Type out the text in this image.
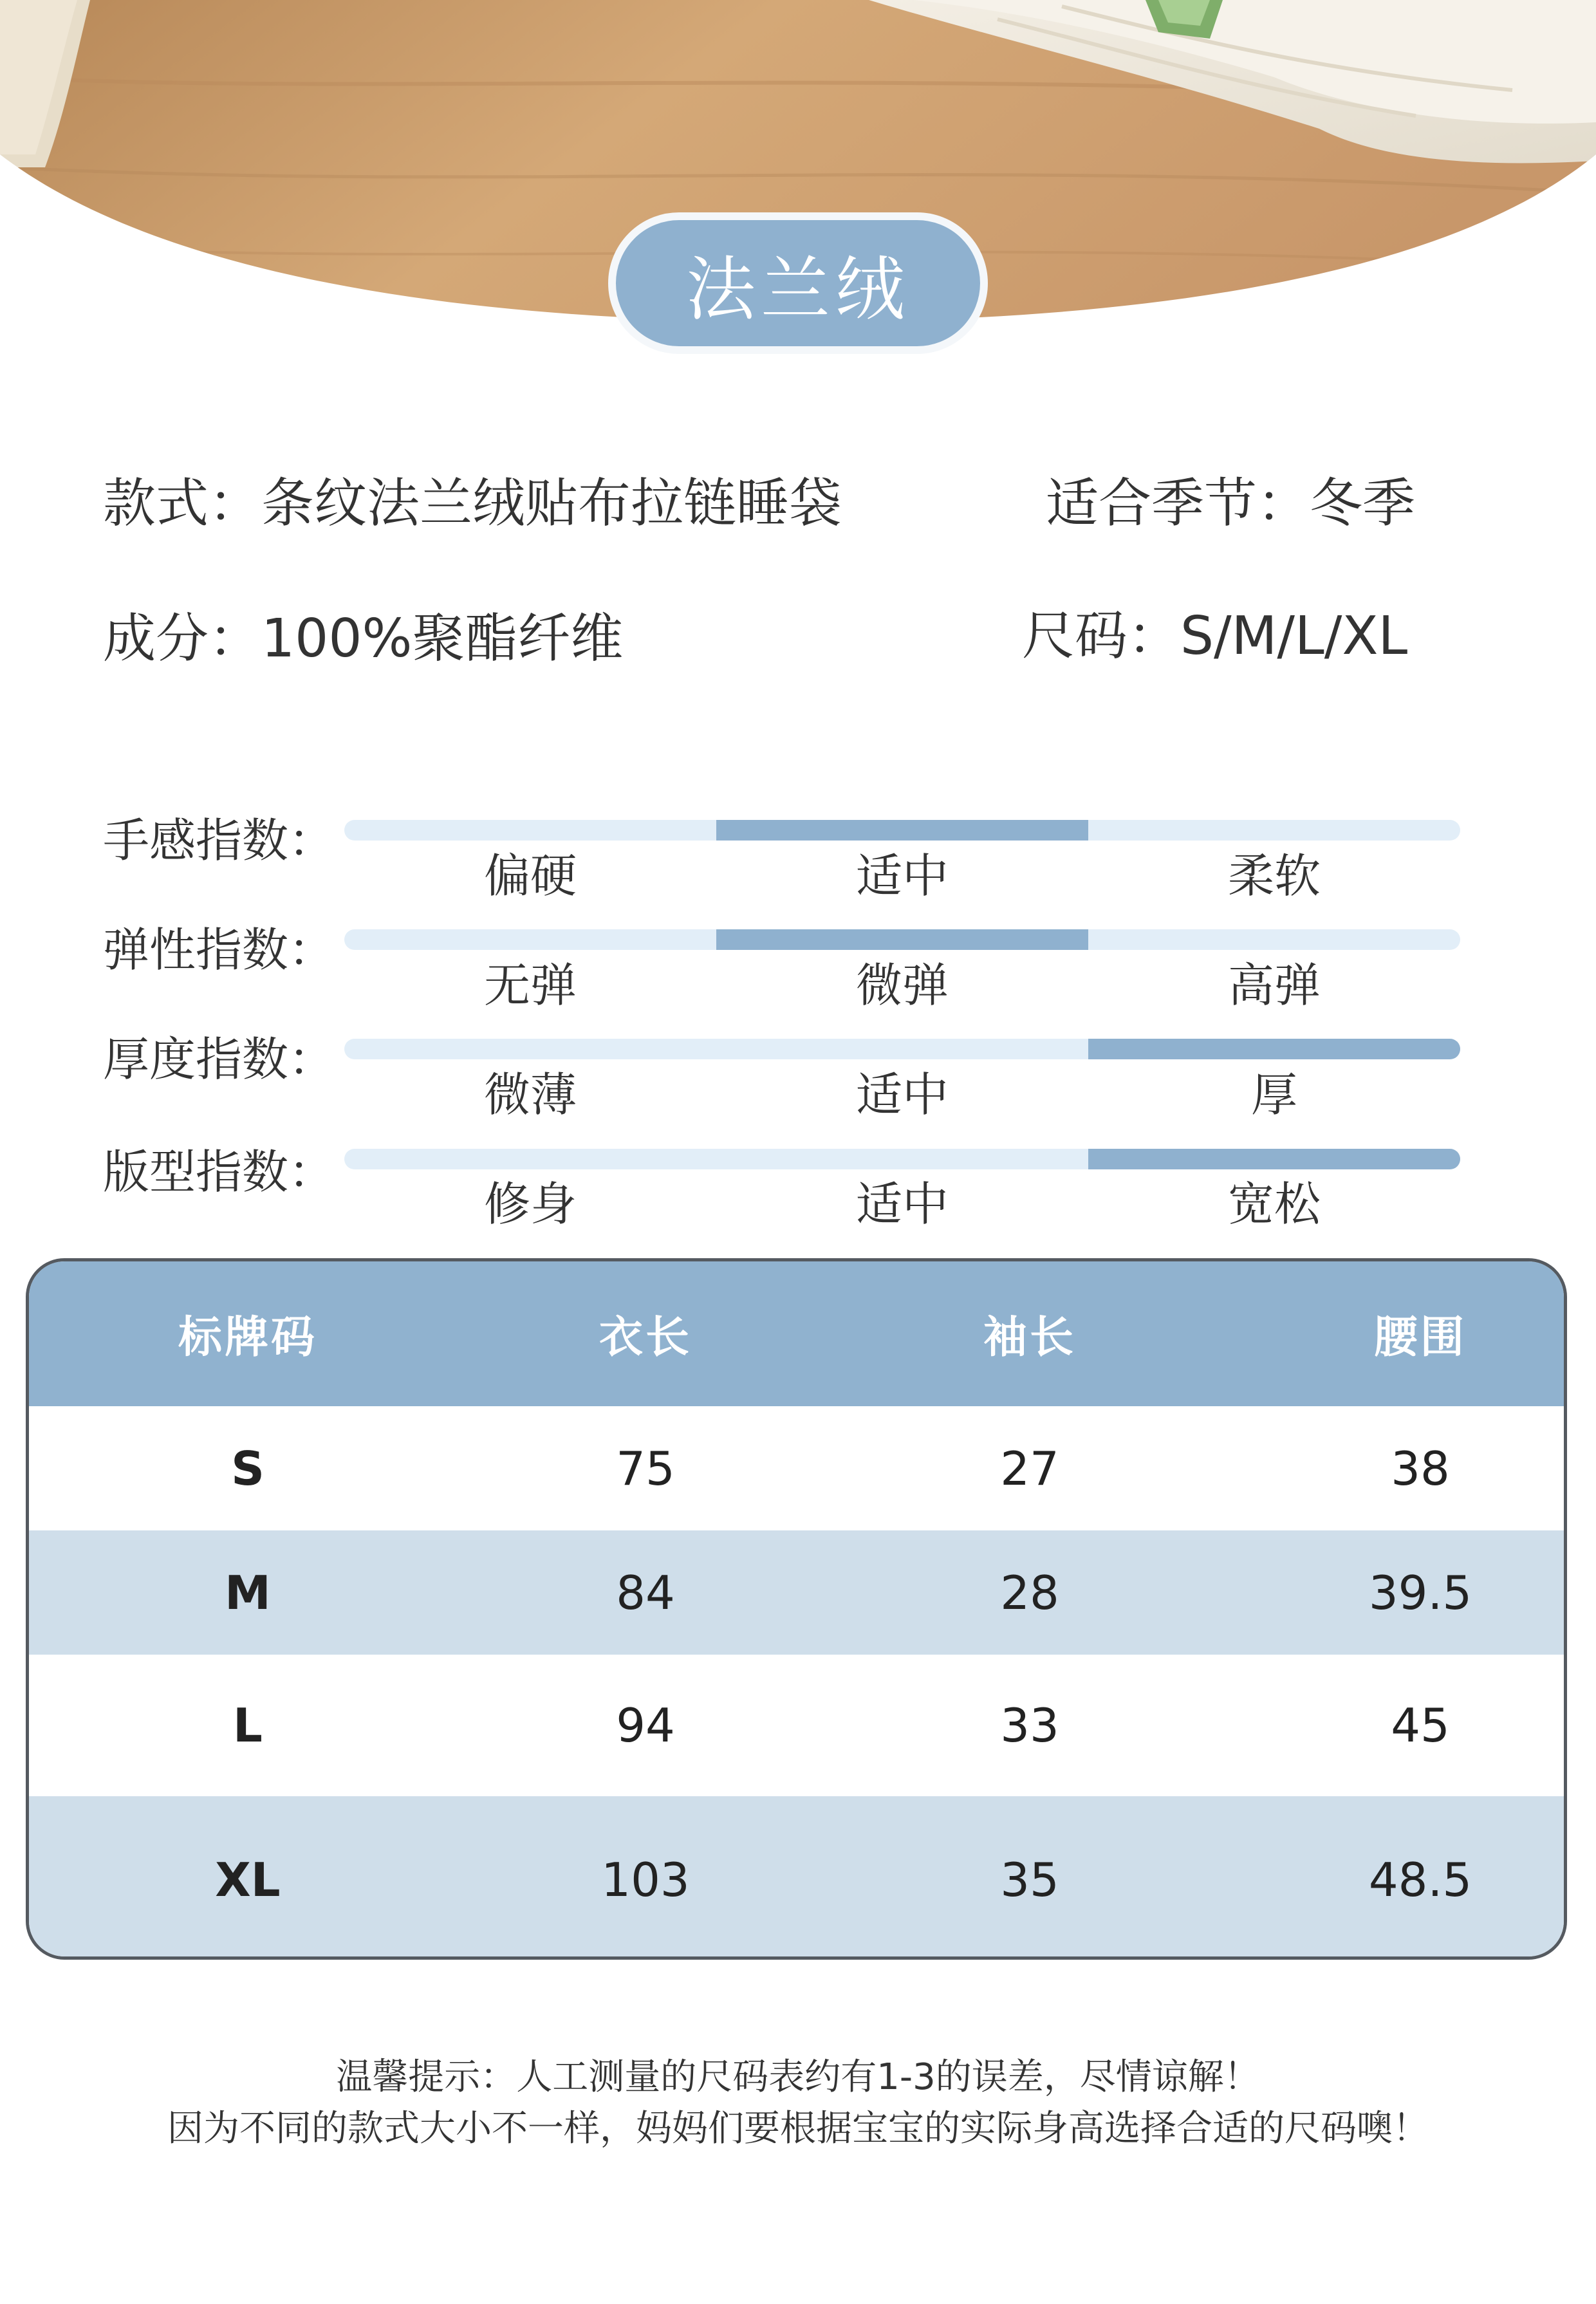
法兰绒
款式：条纹法兰绒贴布拉链睡袋	适合季节：冬季
成分：100%聚酯纤维	尺码：S/M/L/XL
手感指数：
偏硬	适中	柔软
弹性指数：
无弹	微弹	高弹
厚度指数：
微薄	适中	厚
版型指数：
修身	适中	宽松
标牌码	衣长	袖长	腰围
S	75	27	38
M	84	28	39.5
L	94	33	45
XL	103	35	48.5
温馨提示：人工测量的尺码表约有1-3的误差，尽情谅解！
因为不同的款式大小不一样，妈妈们要根据宝宝的实际身高选择合适的尺码噢！
